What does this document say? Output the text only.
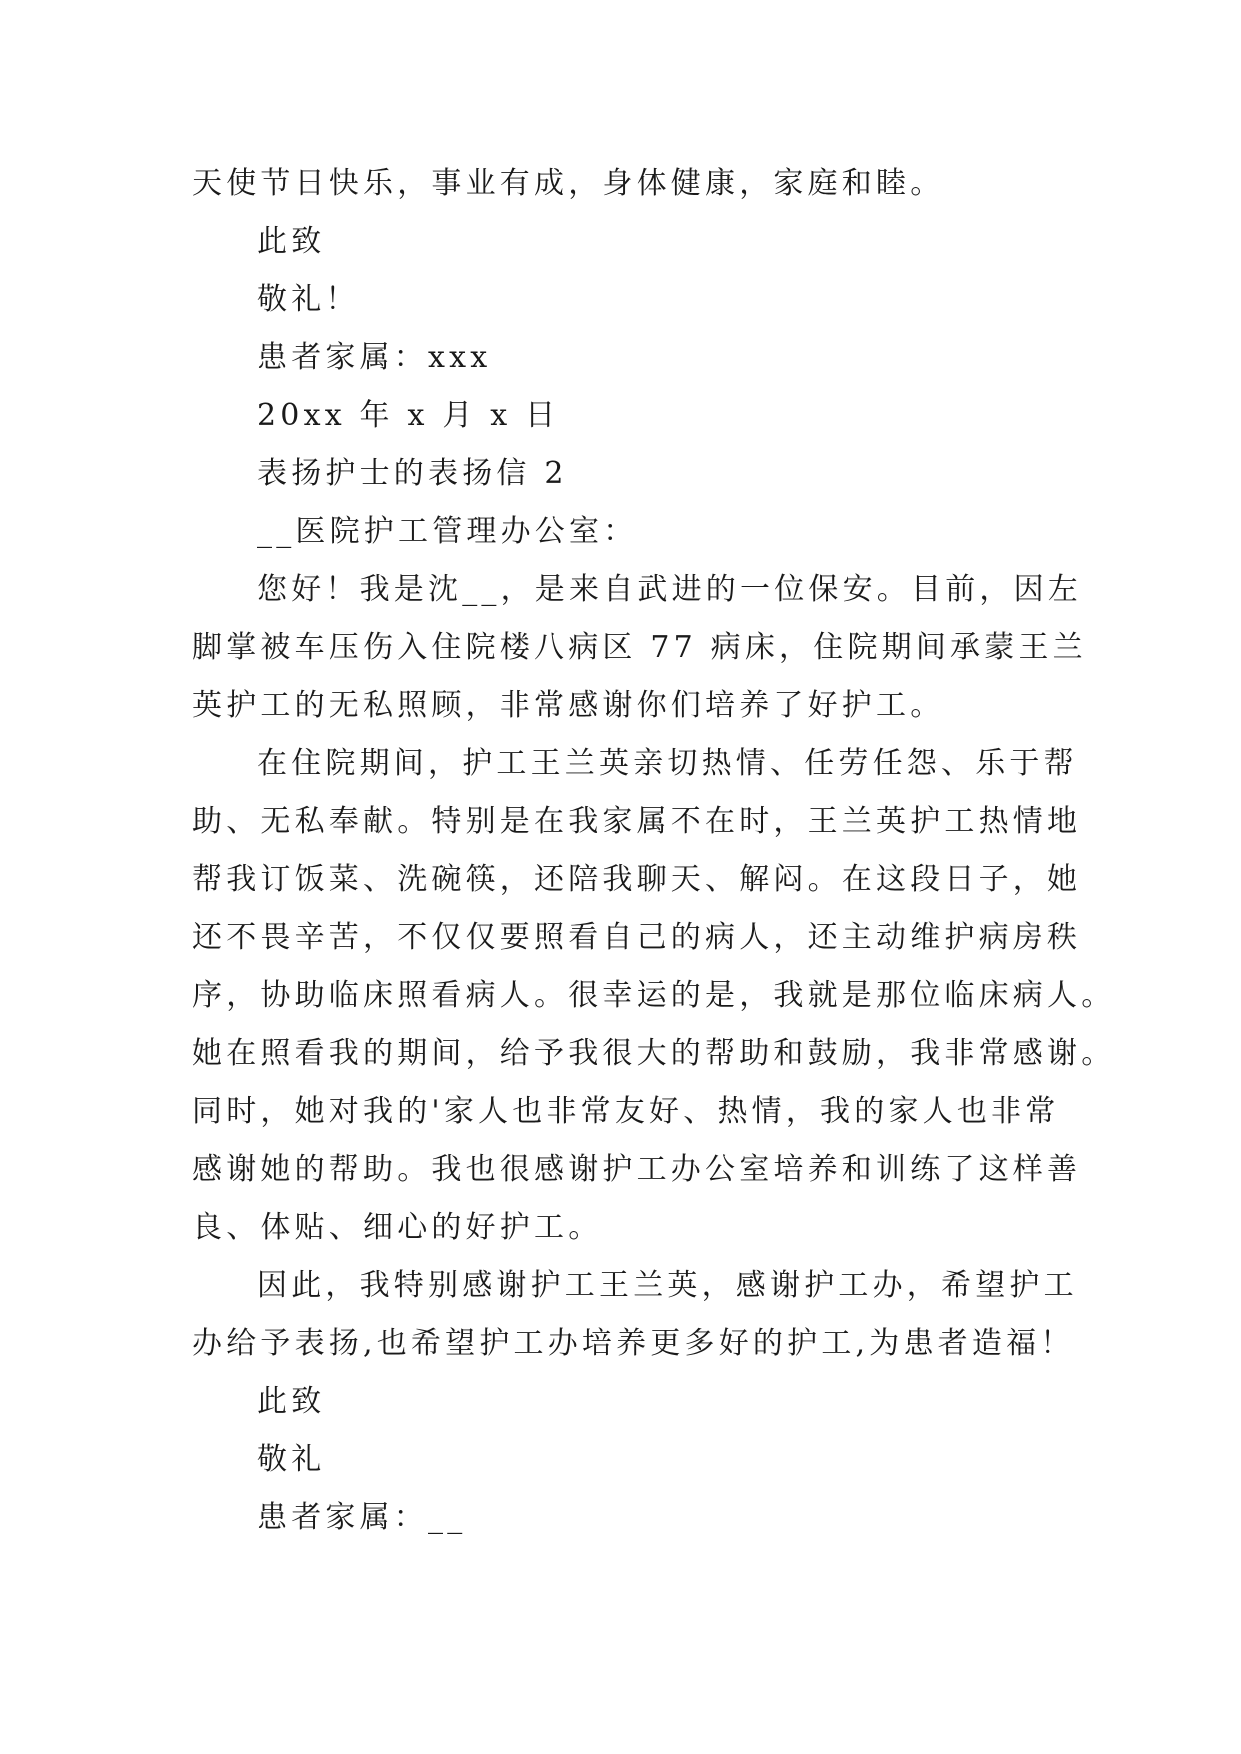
天使节日快乐，事业有成，身体健康，家庭和睦。
此致
敬礼！
患者家属：xxx
20xx 年 x 月 x 日
表扬护士的表扬信 2
__医院护工管理办公室：
您好！我是沈__，是来自武进的一位保安。目前，因左
脚掌被车压伤入住院楼八病区 77 病床，住院期间承蒙王兰
英护工的无私照顾，非常感谢你们培养了好护工。
在住院期间，护工王兰英亲切热情、任劳任怨、乐于帮
助、无私奉献。特别是在我家属不在时，王兰英护工热情地
帮我订饭菜、洗碗筷，还陪我聊天、解闷。在这段日子，她
还不畏辛苦，不仅仅要照看自己的病人，还主动维护病房秩
序，协助临床照看病人。很幸运的是，我就是那位临床病人。
她在照看我的期间，给予我很大的帮助和鼓励，我非常感谢。
同时，她对我的'家人也非常友好、热情，我的家人也非常
感谢她的帮助。我也很感谢护工办公室培养和训练了这样善
良、体贴、细心的好护工。
因此，我特别感谢护工王兰英，感谢护工办，希望护工
办给予表扬,也希望护工办培养更多好的护工,为患者造福！
此致
敬礼
患者家属：__
